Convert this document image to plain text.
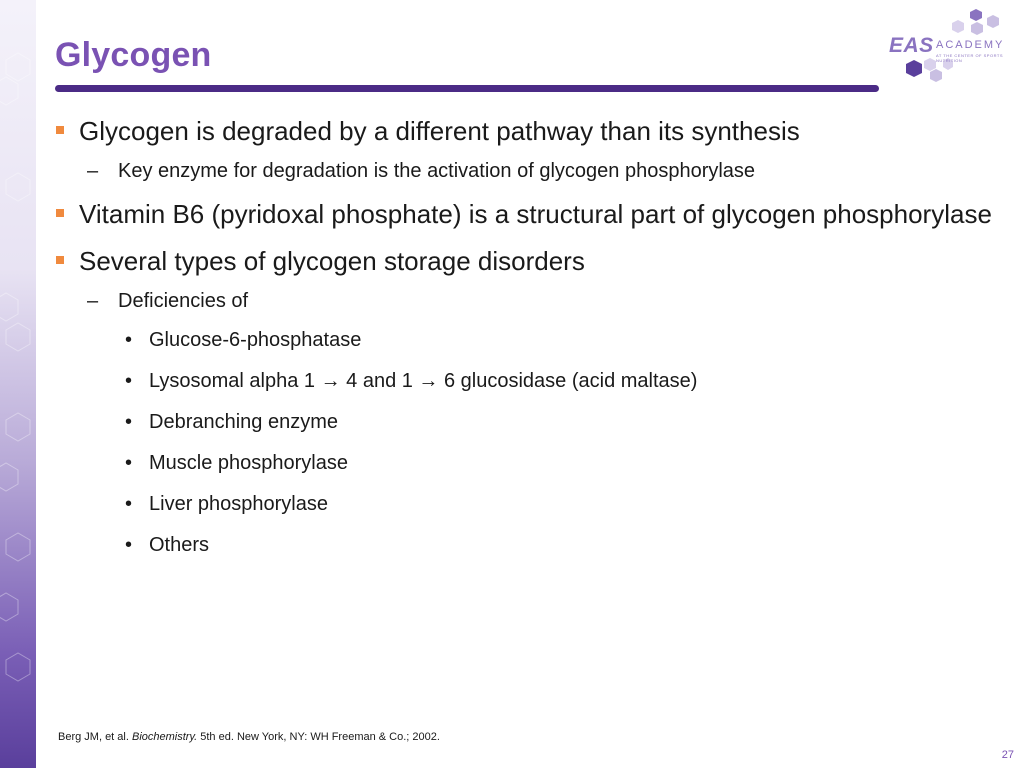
Glycogen	EAS ACADEMY
AT THE CENTER OF SPORTS NUTRITION
Glycogen is degraded by a different pathway than its synthesis
– Key enzyme for degradation is the activation of glycogen phosphorylase
Vitamin B6 (pyridoxal phosphate) is a structural part of glycogen phosphorylase
Several types of glycogen storage disorders
– Deficiencies of
• Glucose-6-phosphatase
• Lysosomal alpha 1 → 4 and 1 → 6 glucosidase (acid maltase)
• Debranching enzyme
• Muscle phosphorylase
• Liver phosphorylase
• Others
Berg JM, et al. Biochemistry. 5th ed. New York, NY: WH Freeman & Co.; 2002.
27
